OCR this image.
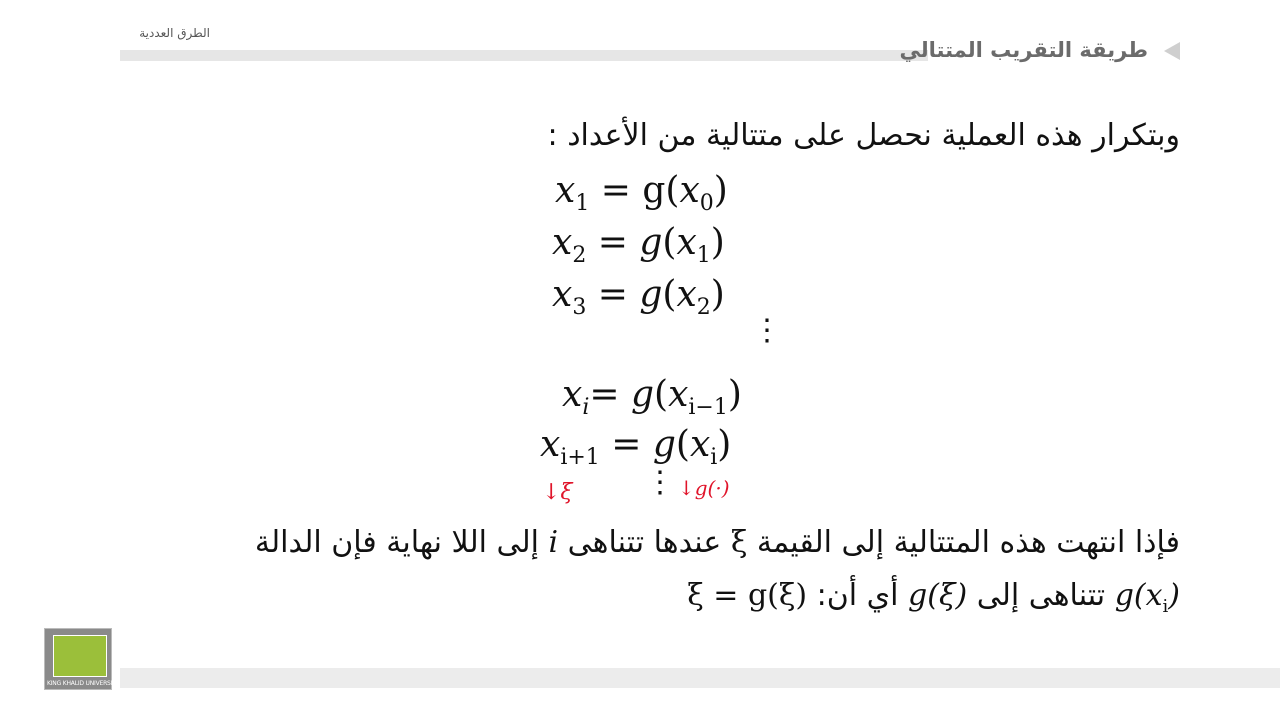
الطرق العددية
طريقة التقريب المتتالي
وبتكرار هذه العملية نحصل على متتالية من الأعداد :
$x_1 = g(x_0)$
$x_2 = g(x_1)$
$x_3 = g(x_2)$
⋮
$x_i= g(x_{i-1})$
$x_{i+1} = g(x_i)$
⋮
↓ξ	↓g(·)
فإذا انتهت هذه المتتالية إلى القيمة ξ عندها تتناهى i إلى اللا نهاية فإن الدالة
$g(x_i)$ تتناهى إلى g(ξ) أي أن: ξ = g(ξ)
KING KHALID UNIVERSITY
